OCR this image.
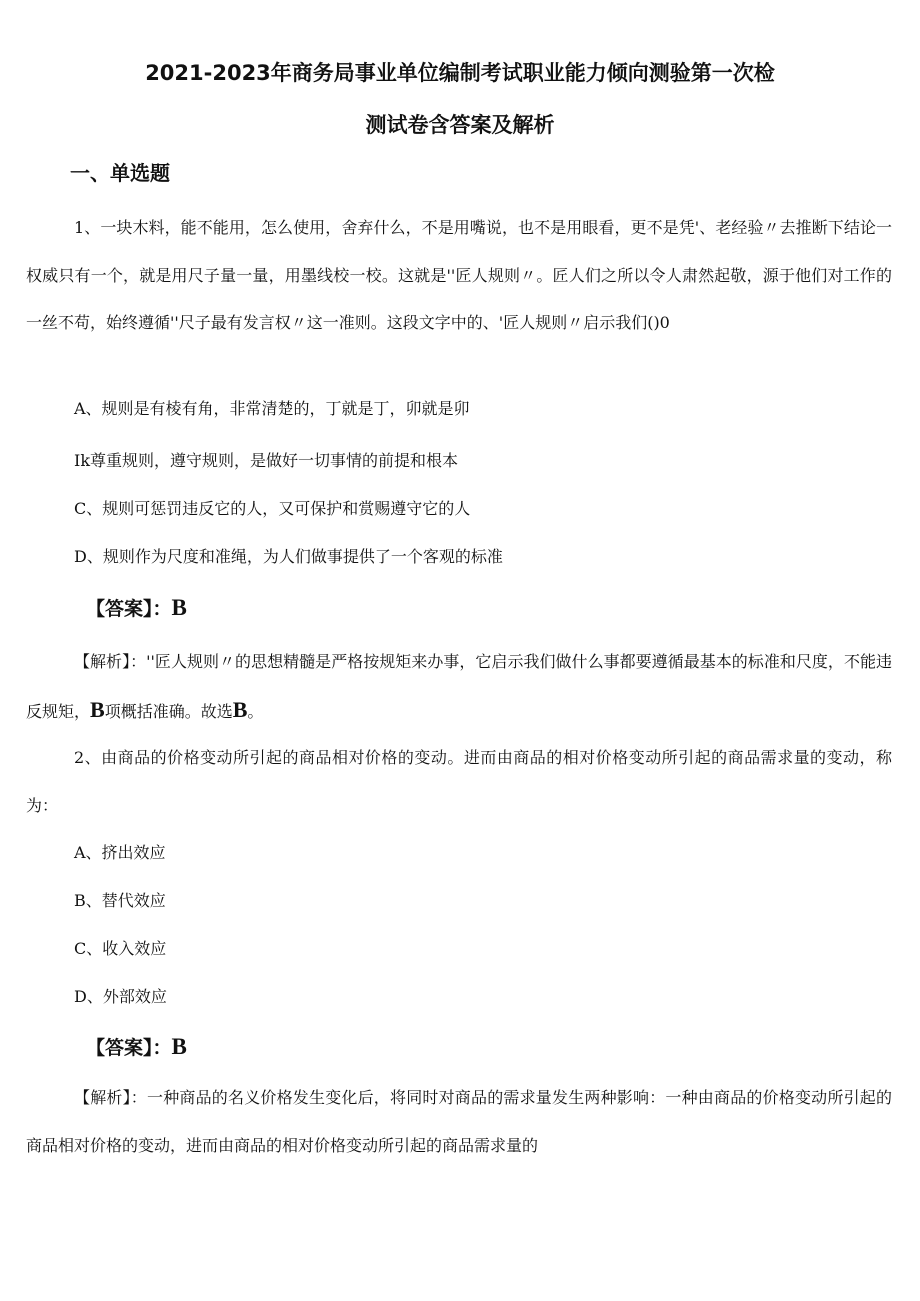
2021-2023年商务局事业单位编制考试职业能力倾向测验第一次检
测试卷含答案及解析
一、单选题
1、一块木料，能不能用，怎么使用，舍弃什么，不是用嘴说，也不是用眼看，更不是凭'、老经验〃去推断下结论一权威只有一个，就是用尺子量一量，用墨线校一校。这就是''匠人规则〃。匠人们之所以令人肃然起敬，源于他们对工作的一丝不苟，始终遵循''尺子最有发言权〃这一准则。这段文字中的、'匠人规则〃启示我们()0
A、规则是有棱有角，非常清楚的，丁就是丁，卯就是卯
Ik尊重规则，遵守规则，是做好一切事情的前提和根本
C、规则可惩罚违反它的人，又可保护和赏赐遵守它的人
D、规则作为尺度和准绳，为人们做事提供了一个客观的标准
【答案】：B
【解析】：''匠人规则〃的思想精髓是严格按规矩来办事，它启示我们做什么事都要遵循最基本的标准和尺度，不能违反规矩，B项概括准确。故选B。
2、由商品的价格变动所引起的商品相对价格的变动。进而由商品的相对价格变动所引起的商品需求量的变动，称为：
A、挤出效应
B、替代效应
C、收入效应
D、外部效应
【答案】：B
【解析】：一种商品的名义价格发生变化后，将同时对商品的需求量发生两种影响：一种由商品的价格变动所引起的商品相对价格的变动，进而由商品的相对价格变动所引起的商品需求量的
